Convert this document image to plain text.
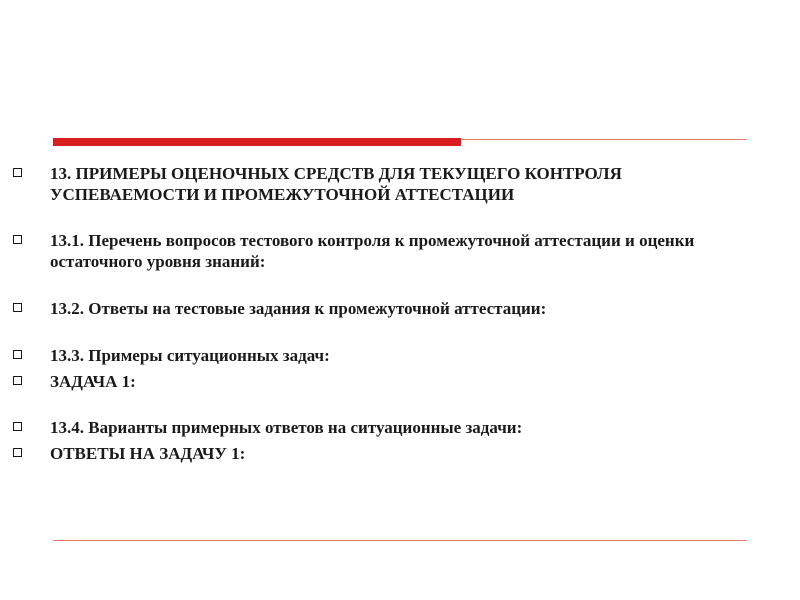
13. ПРИМЕРЫ ОЦЕНОЧНЫХ СРЕДСТВ ДЛЯ ТЕКУЩЕГО КОНТРОЛЯ УСПЕВАЕМОСТИ И ПРОМЕЖУТОЧНОЙ АТТЕСТАЦИИ
13.1. Перечень вопросов тестового контроля к промежуточной аттестации и оценки остаточного уровня знаний:
13.2. Ответы на тестовые задания к промежуточной аттестации:
13.3. Примеры ситуационных задач:
ЗАДАЧА 1:
13.4. Варианты примерных ответов на ситуационные задачи:
ОТВЕТЫ НА ЗАДАЧУ 1:
